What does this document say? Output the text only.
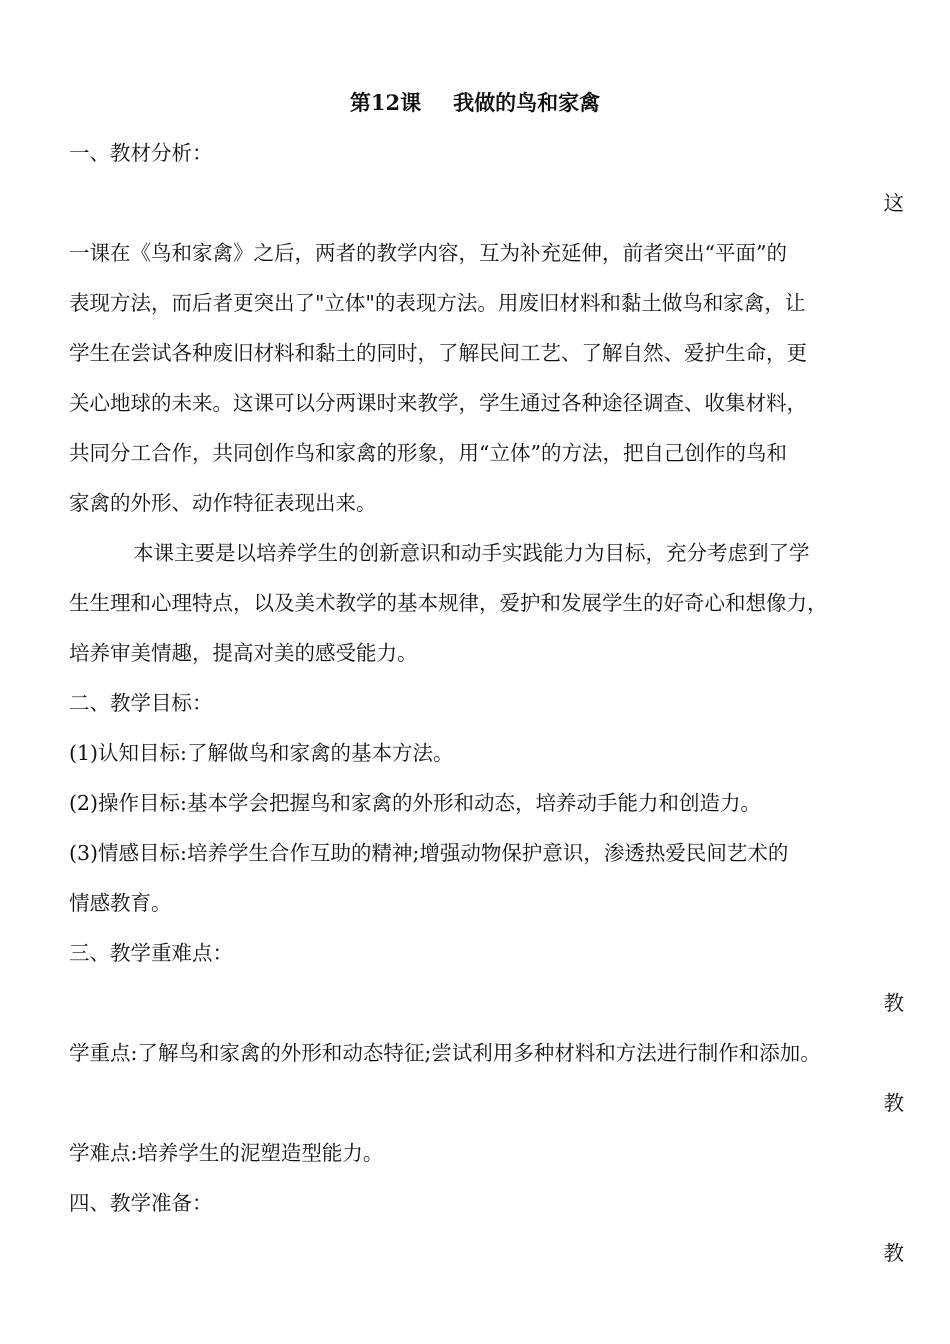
第12课 我做的鸟和家禽
一、教材分析：
这
一课在《鸟和家禽》之后，两者的教学内容，互为补充延伸，前者突出“平面”的
表现方法，而后者更突出了"立体"的表现方法。用废旧材料和黏土做鸟和家禽，让
学生在尝试各种废旧材料和黏土的同时，了解民间工艺、了解自然、爱护生命，更
关心地球的未来。这课可以分两课时来教学，学生通过各种途径调查、收集材料，
共同分工合作，共同创作鸟和家禽的形象，用“立体”的方法，把自己创作的鸟和
家禽的外形、动作特征表现出来。
本课主要是以培养学生的创新意识和动手实践能力为目标，充分考虑到了学
生生理和心理特点，以及美术教学的基本规律，爱护和发展学生的好奇心和想像力，
培养审美情趣，提高对美的感受能力。
二、教学目标：
(1)认知目标:了解做鸟和家禽的基本方法。
(2)操作目标:基本学会把握鸟和家禽的外形和动态，培养动手能力和创造力。
(3)情感目标:培养学生合作互助的精神;增强动物保护意识，渗透热爱民间艺术的
情感教育。
三、教学重难点：
教
学重点:了解鸟和家禽的外形和动态特征;尝试利用多种材料和方法进行制作和添加。
教
学难点:培养学生的泥塑造型能力。
四、教学准备：
教
